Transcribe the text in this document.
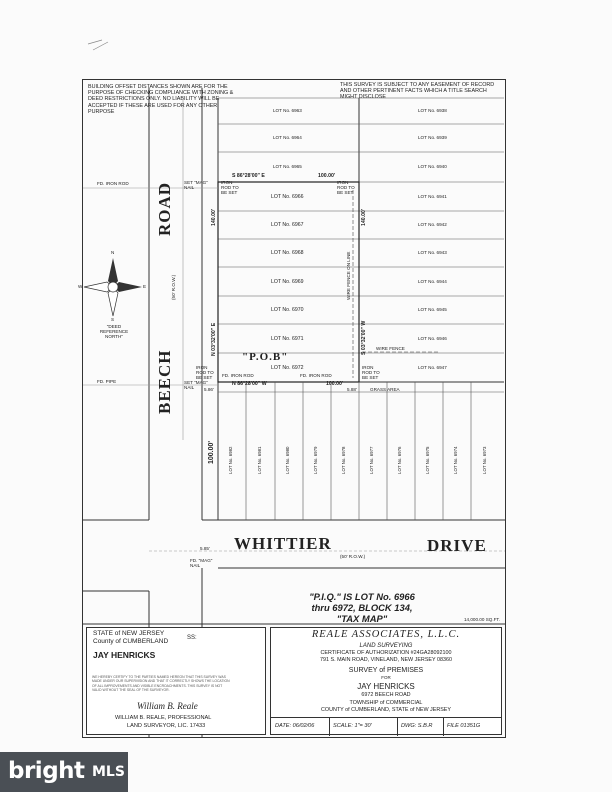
BUILDING OFFSET DISTANCES SHOWN ARE FOR THE PURPOSE OF CHECKING COMPLIANCE WITH ZONING & DEED RESTRICTIONS ONLY. NO LIABILITY WILL BE ACCEPTED IF THESE ARE USED FOR ANY OTHER PURPOSE
THIS SURVEY IS SUBJECT TO ANY EASEMENT OF RECORD AND OTHER PERTINENT FACTS WHICH A TITLE SEARCH MIGHT DISCLOSE
ROAD
BEECH
(50' R.O.W.)
WHITTIER	DRIVE
(50' R.O.W.)
N
S
E
W
"DEED REFERENCE NORTH"
LOT No. 6938
LOT No. 6939
LOT No. 6940
LOT No. 6941
LOT No. 6942
LOT No. 6943
LOT No. 6944
LOT No. 6945
LOT No. 6946
LOT No. 6947
LOT No. 6963
LOT No. 6964
LOT No. 6965
LOT No. 6966
LOT No. 6967
LOT No. 6968
LOT No. 6969
LOT No. 6970
LOT No. 6971
LOT No. 6972
LOT No. 6982	LOT No. 6981	LOT No. 6980	LOT No. 6979	LOT No. 6978	LOT No. 6977	LOT No. 6976	LOT No. 6975	LOT No. 6974	LOT No. 6973
S 86°28'00" E	100.00'
N 86°28'00" W	100.00'
N 03°32'00" E
140.00'
S 03°32'00" W
140.00'
100.00'
FD. IRON ROD	SET "MAG" NAIL
IRON ROD TO BE SET
IRON ROD TO BE SET
IRON ROD TO BE SET
IRON ROD TO BE SET
FD. PIPE	SET "MAG" NAIL
FD. IRON ROD	FD. IRON ROD
"P.O.B"
WIRE FENCE
WIRE FENCE ON LINE
GRASS AREA
5.86'	5.88'
5.85'
FD. "MAG" NAIL
"P.I.Q." IS LOT No. 6966
thru 6972, BLOCK 134,
"TAX MAP"	14,000.00 SQ.FT.
STATE of NEW JERSEY
County of CUMBERLAND	SS:
JAY HENRICKS
WE HEREBY CERTIFY TO THE PARTIES NAMED HEREON THAT THIS SURVEY WAS MADE UNDER OUR SUPERVISION AND THAT IT CORRECTLY SHOWS THE LOCATION OF ALL IMPROVEMENTS AND VISIBLE ENCROACHMENTS. THIS SURVEY IS NOT VALID WITHOUT THE SEAL OF THE SURVEYOR.
William B. Reale
WILLIAM B. REALE, PROFESSIONAL
LAND SURVEYOR, LIC. 17433
REALE ASSOCIATES, L.L.C.
LAND SURVEYING
CERTIFICATE OF AUTHORIZATION #24GA28092100
791 S. MAIN ROAD, VINELAND, NEW JERSEY 08360
SURVEY of PREMISES
FOR
JAY HENRICKS
6972 BEECH ROAD
TOWNSHIP of COMMERCIAL
COUNTY of CUMBERLAND, STATE of NEW JERSEY
DATE: 06/02/06	SCALE: 1"= 30'	DWG: S.B.R	FILE 01351G
bright MLS
